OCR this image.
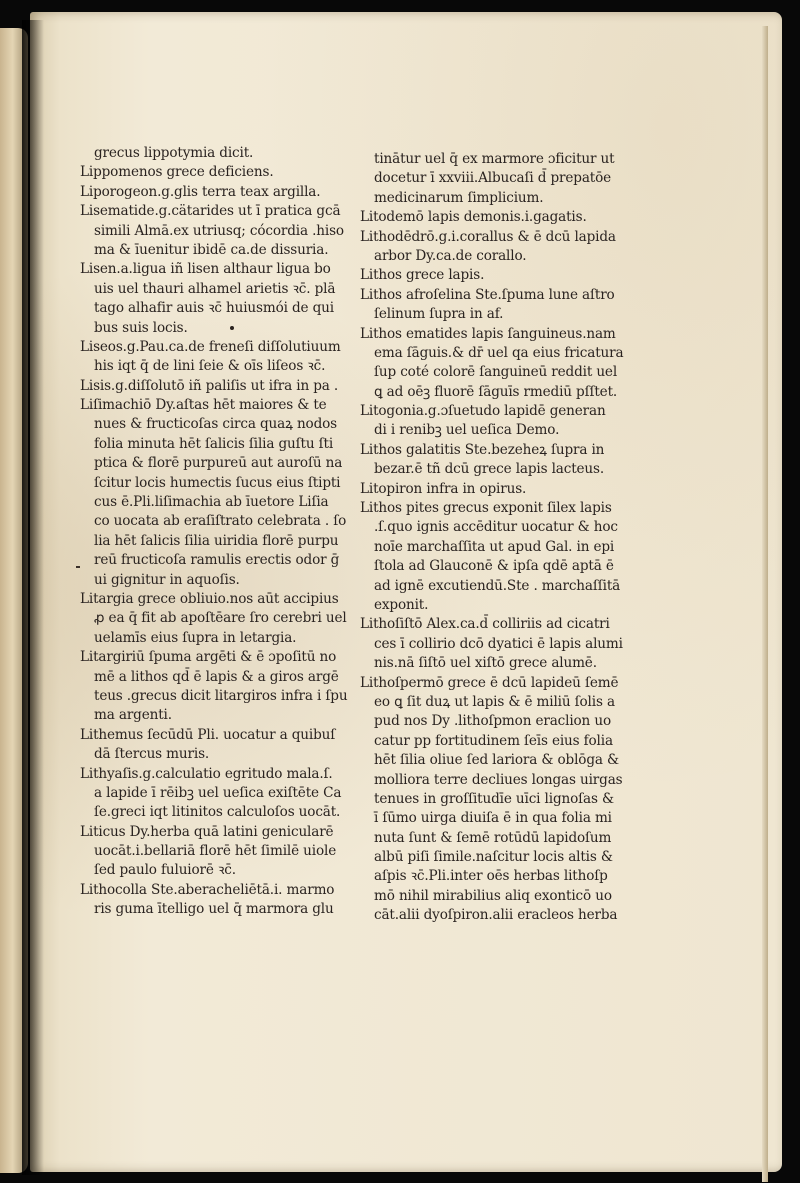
grecus lippotymia dicit.
Lippomenos grece deficiens.
Liporogeon.g.glis terra teax argilla.
Lisematide.g.cätarides ut ī pratica gcā
simili Almā.ex utriusq; cócordia .hiso
ma & īuenitur ibidē ca.de dissuria.
Lisen.a.ligua iñ lisen althaur ligua bo
uis uel thauri alhamel arietis ꝛc̄. plā
tago alhafir auis ꝛc̄ huiusmói de qui
bus suis locis.
Liseos.g.Pau.ca.de freneſi diſſolutiuum
his iqt q̄ de lini ſeie & oīs liſeos ꝛc̄.
Lisis.g.diſſolutō iñ paliſis ut ifra in pa .
Liſimachiō Dy.aſtas hēt maiores & te
nues & fructicoſas circa quaꝝ nodos
folia minuta hēt ſalicis ſilia guſtu ſti
ptica & florē purpureū aut auroſū na
ſcitur locis humectis ſucus eius ſtipti
cus ē.Pli.liſimachia ab īuetore Liſia
co uocata ab eraſiſtrato celebrata . ſo
lia hēt ſalicis ſilia uiridia florē purpu
reū fructicoſa ramulis erectis odor ḡ
ui gignitur in aquoſis.
Litargia grece obliuio.nos aūt accipius
ꝓ ea q̄ fit ab apoſtēare ſro cerebri uel
uelamīs eius ſupra in letargia.
Litargiriū ſpuma argēti & ē ɔpoſitū no
mē a lithos qd̄ ē lapis & a giros argē
teus .grecus dicit litargiros infra i ſpu
ma argenti.
Lithemus ſecūdū Pli. uocatur a quibuſ
dā ſtercus muris.
Lithyaſis.g.calculatio egritudo mala.ſ.
a lapide ī rēibꝫ uel ueſica exiſtēte Ca
ſe.greci iqt litinitos calculoſos uocāt.
Liticus Dy.herba quā latini genicularē
uocāt.i.bellariā florē hēt ſimilē uiole
ſed paulo fuluiorē ꝛc̄.
Lithocolla Ste.aberacheliētā.i. marmo
ris guma ītelligo uel q̄ marmora glu
tinātur uel q̄ ex marmore ɔficitur ut
docetur ī xxviii.Albucaſi d̄ prepatōe
medicinarum ſimplicium.
Litodemō lapis demonis.i.gagatis.
Lithodēdrō.g.i.corallus & ē dcū lapida
arbor Dy.ca.de corallo.
Lithos grece lapis.
Lithos afroſelina Ste.ſpuma lune aſtro
ſelinum ſupra in af.
Lithos ematides lapis ſanguineus.nam
ema ſāguis.& dr̄ uel qa eius fricatura
ſup coté colorē ſanguineū reddit uel
ꝗ ad oēꝫ fluorē ſāguīs rmediū pſſtet.
Litogonia.g.ɔſuetudo lapidē generan
di i renibꝫ uel ueſica Demo.
Lithos galatitis Ste.bezeheꝝ ſupra in
bezar.ē tñ dcū grece lapis lacteus.
Litopiron infra in opirus.
Lithos pites grecus exponit ſilex lapis
.ſ.quo ignis accēditur uocatur & hoc
noīe marchaſſita ut apud Gal. in epi
ſtola ad Glauconē & ipſa qdē aptā ē
ad ignē excutiendū.Ste . marchaſſitā
exponit.
Lithoſiſtō Alex.ca.d̄ colliriis ad cicatri
ces ī collirio dcō dyatici ē lapis alumi
nis.nā ſiſtō uel xiſtō grece alumē.
Lithoſpermō grece ē dcū lapideū ſemē
eo ꝗ ſit duꝝ ut lapis & ē miliū ſolis a
pud nos Dy .lithoſpmon eraclion uo
catur pp fortitudinem ſeīs eius folia
hēt ſilia oliue ſed lariora & oblōga &
molliora terre decliues longas uirgas
tenues in groſſitudīe uīci lignoſas &
ī ſūmo uirga diuiſa ē in qua folia mi
nuta ſunt & ſemē rotūdū lapidoſum
albū piſi ſimile.naſcitur locis altis &
aſpis ꝛc̄.Pli.inter oēs herbas lithoſp
mō nihil mirabilius aliq exonticō uo
cāt.alii dyoſpiron.alii eracleos herba
